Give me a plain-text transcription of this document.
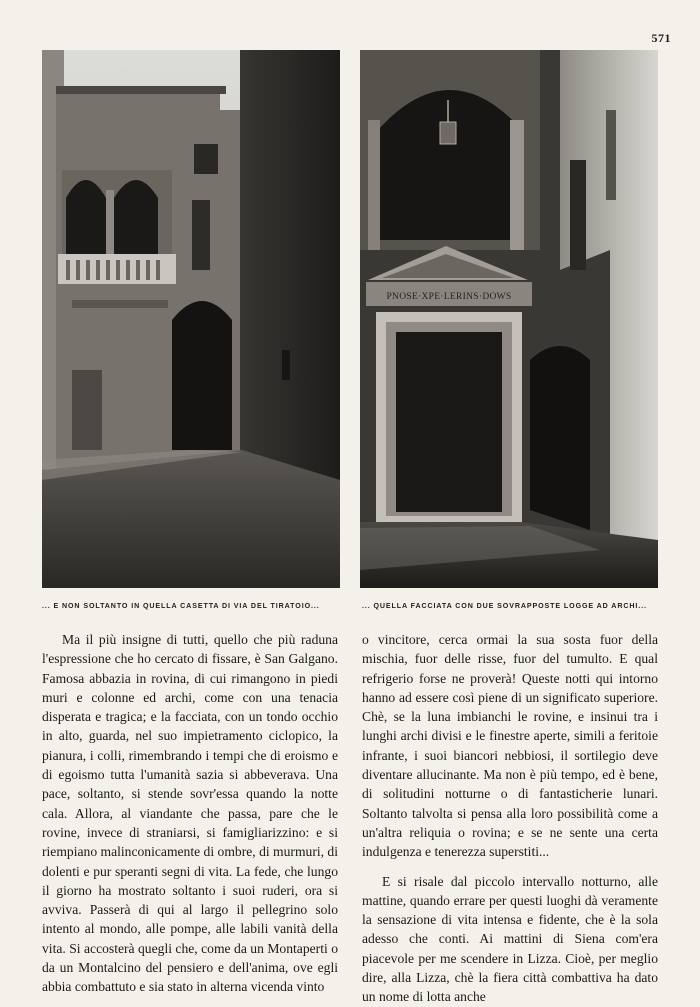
571
PNOSE·XPE·LERINS·DOWS
... E NON SOLTANTO IN QUELLA CASETTA DI VIA DEL TIRATOIO...	... QUELLA FACCIATA CON DUE SOVRAPPOSTE LOGGE AD ARCHI...

Ma il più insigne di tutti, quello che più raduna l'espressione che ho cercato di fissare, è San Galgano. Famosa abbazia in rovina, di cui rimangono in piedi muri e colonne ed archi, come con una tenacia disperata e tragica; e la facciata, con un tondo occhio in alto, guarda, nel suo impietramento ciclopico, la pianura, i colli, rimembrando i tempi che di eroismo e di egoismo tutta l'umanità sazia si abbeverava. Una pace, soltanto, si stende sovr'essa quando la notte cala. Allora, al viandante che passa, pare che le rovine, invece di straniarsi, si famigliarizzino: e si riempiano malinconicamente di ombre, di murmuri, di dolenti e pur speranti segni di vita. La fede, che lungo il giorno ha mostrato soltanto i suoi ruderi, ora si avviva. Passerà di qui al largo il pellegrino solo intento al mondo, alle pompe, alle labili vanità della vita. Si accosterà quegli che, come da un Montaperti o da un Montalcino del pensiero e dell'anima, ove egli abbia combattuto e sia stato in alterna vicenda vinto

o vincitore, cerca ormai la sua sosta fuor della mischia, fuor delle risse, fuor del tumulto. E qual refrigerio forse ne proverà! Queste notti qui intorno hanno ad essere così piene di un significato superiore. Chè, se la luna imbianchi le rovine, e insinui tra i lunghi archi divisi e le finestre aperte, simili a feritoie infrante, i suoi biancori nebbiosi, il sortilegio deve diventare allucinante. Ma non è più tempo, ed è bene, di solitudini notturne o di fantasticherie lunari. Soltanto talvolta si pensa alla loro possibilità come a un'altra reliquia o rovina; e se ne sente una certa indulgenza e tenerezza superstiti...

E si risale dal piccolo intervallo notturno, alle mattine, quando errare per questi luoghi dà veramente la sensazione di vita intensa e fidente, che è la sola adesso che conti. Ai mattini di Siena com'era piacevole per me scendere in Lizza. Cioè, per meglio dire, alla Lizza, chè la fiera città combattiva ha dato un nome di lotta anche
